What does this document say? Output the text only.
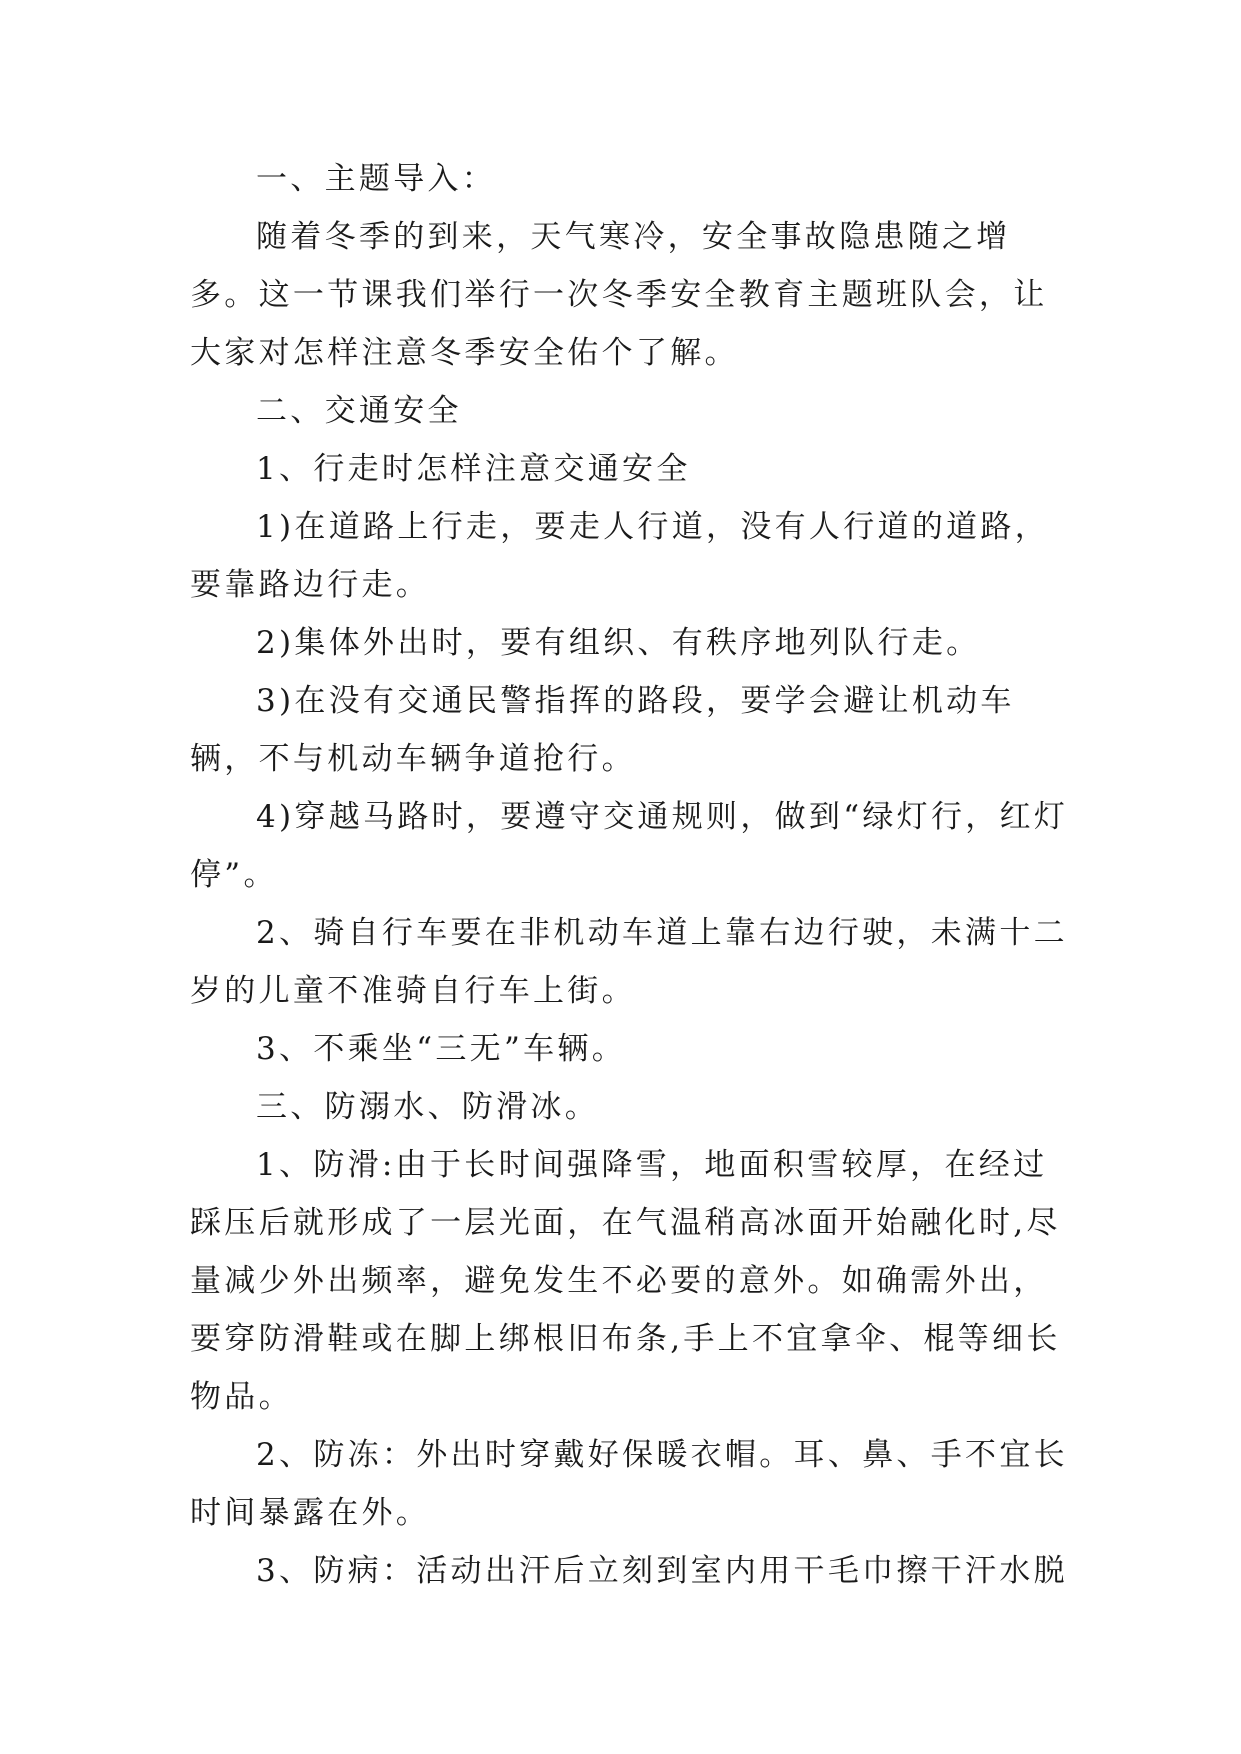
一、主题导入：

随着冬季的到来，天气寒冷，安全事故隐患随之增多。这一节课我们举行一次冬季安全教育主题班队会，让大家对怎样注意冬季安全佑个了解。

二、交通安全

1、行走时怎样注意交通安全

1)在道路上行走，要走人行道，没有人行道的道路，要靠路边行走。

2)集体外出时，要有组织、有秩序地列队行走。

3)在没有交通民警指挥的路段，要学会避让机动车辆，不与机动车辆争道抢行。

4)穿越马路时，要遵守交通规则，做到“绿灯行，红灯停”。

2、骑自行车要在非机动车道上靠右边行驶，未满十二岁的儿童不准骑自行车上街。

3、不乘坐“三无”车辆。

三、防溺水、防滑冰。

1、防滑:由于长时间强降雪，地面积雪较厚，在经过踩压后就形成了一层光面，在气温稍高冰面开始融化时,尽量减少外出频率，避免发生不必要的意外。如确需外出，要穿防滑鞋或在脚上绑根旧布条,手上不宜拿伞、棍等细长物品。

2、防冻：外出时穿戴好保暖衣帽。耳、鼻、手不宜长时间暴露在外。

3、防病：活动出汗后立刻到室内用干毛巾擦干汗水脱
